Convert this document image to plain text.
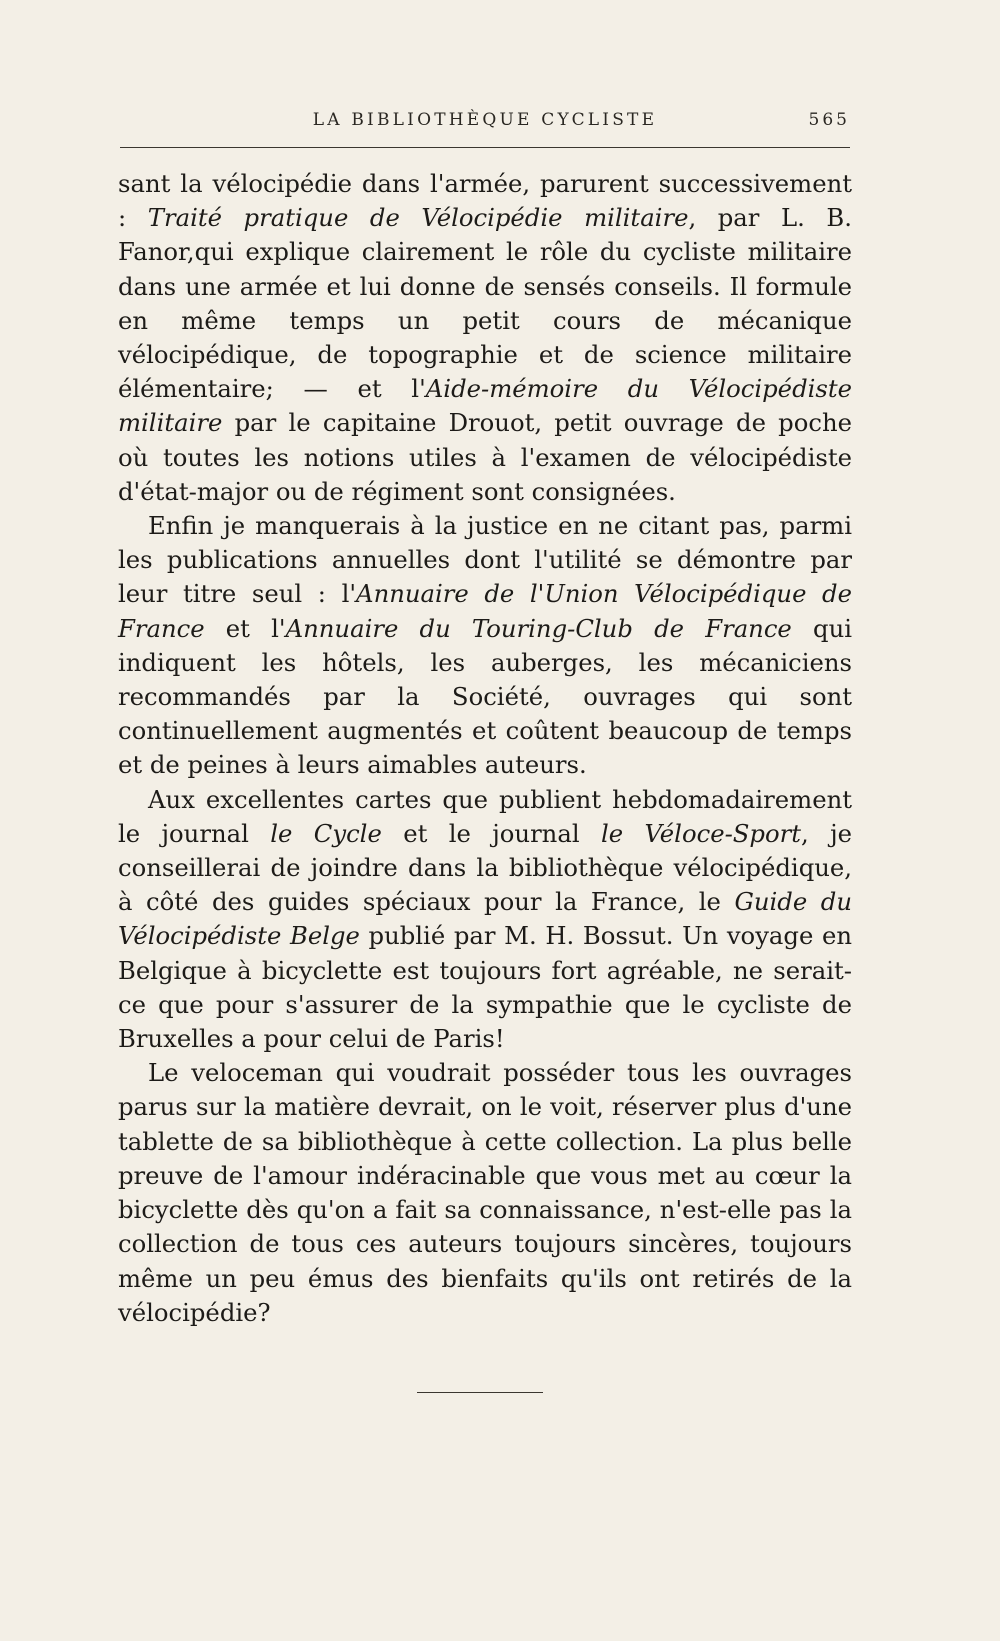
LA BIBLIOTHÈQUE CYCLISTE	565

sant la vélocipédie dans l'armée, parurent successivement : Traité pratique de Vélocipédie militaire, par L. B. Fanor,qui explique clairement le rôle du cycliste militaire dans une armée et lui donne de sensés conseils. Il formule en même temps un petit cours de mécanique vélocipédique, de topographie et de science militaire élémentaire; — et l'Aide-mémoire du Vélocipédiste militaire par le capitaine Drouot, petit ouvrage de poche où toutes les notions utiles à l'examen de vélocipédiste d'état-major ou de régiment sont consignées.

Enfin je manquerais à la justice en ne citant pas, parmi les publications annuelles dont l'utilité se démontre par leur titre seul : l'Annuaire de l'Union Vélocipédique de France et l'Annuaire du Touring-Club de France qui indiquent les hôtels, les auberges, les mécaniciens recommandés par la Société, ouvrages qui sont continuellement augmentés et coûtent beaucoup de temps et de peines à leurs aimables auteurs.

Aux excellentes cartes que publient hebdomadairement le journal le Cycle et le journal le Véloce-Sport, je conseillerai de joindre dans la bibliothèque vélocipédique, à côté des guides spéciaux pour la France, le Guide du Vélocipédiste Belge publié par M. H. Bossut. Un voyage en Belgique à bicyclette est toujours fort agréable, ne serait-ce que pour s'assurer de la sympathie que le cycliste de Bruxelles a pour celui de Paris!

Le veloceman qui voudrait posséder tous les ouvrages parus sur la matière devrait, on le voit, réserver plus d'une tablette de sa bibliothèque à cette collection. La plus belle preuve de l'amour indéracinable que vous met au cœur la bicyclette dès qu'on a fait sa connaissance, n'est-elle pas la collection de tous ces auteurs toujours sincères, toujours même un peu émus des bienfaits qu'ils ont retirés de la vélocipédie?
